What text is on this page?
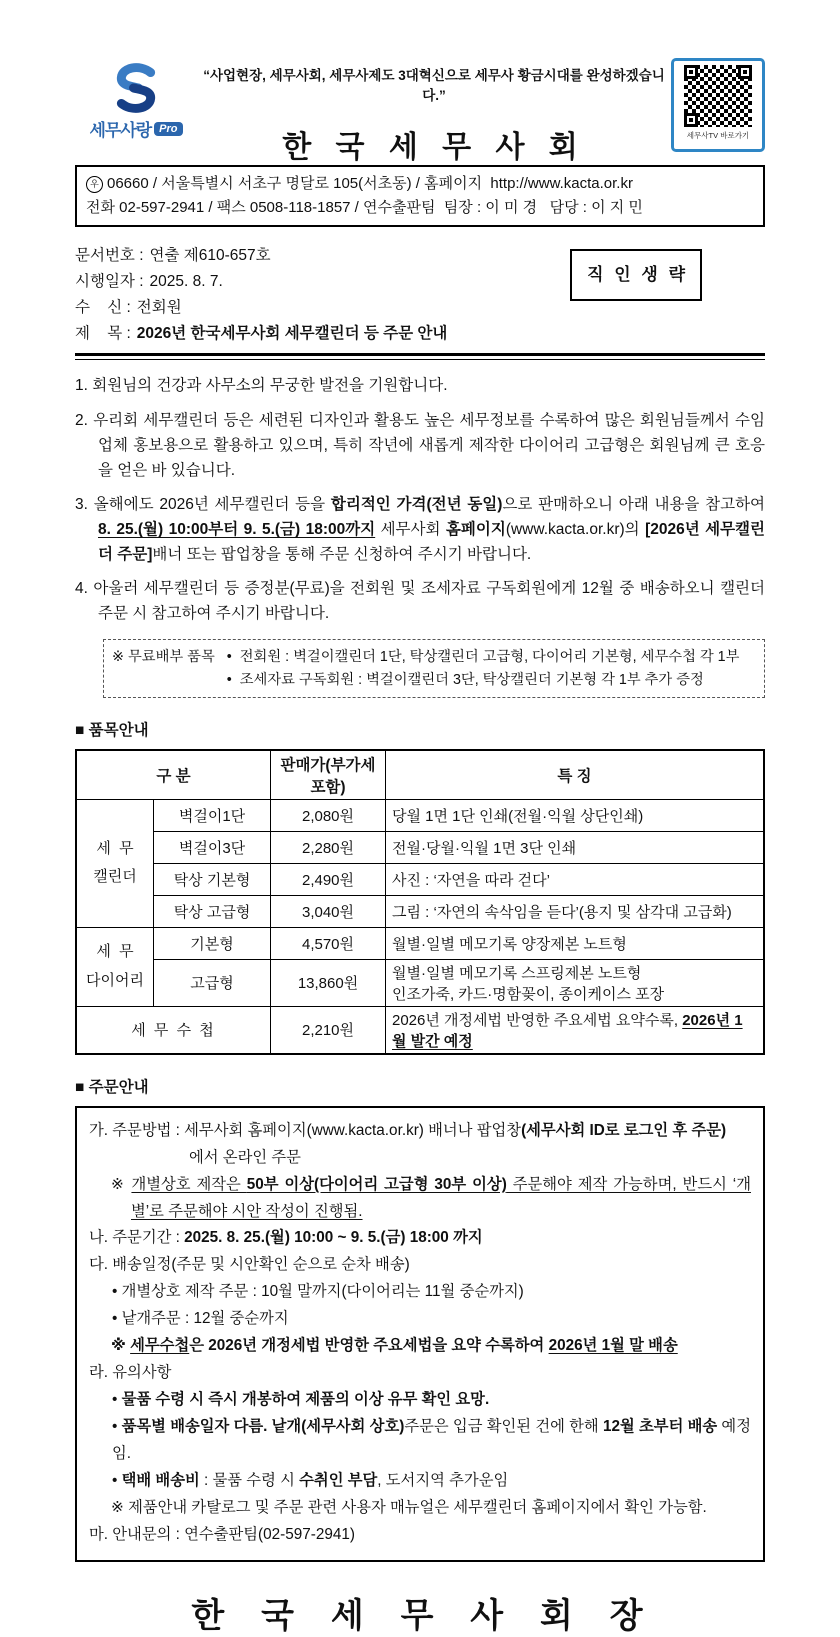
세무사랑 Pro
“사업현장, 세무사회, 세무사제도 3대혁신으로 세무사 황금시대를 완성하겠습니다.”
한 국 세 무 사 회	세무사TV 바로가기
우 06660 / 서울특별시 서초구 명달로 105(서초동) / 홈페이지  http://www.kacta.or.kr
전화 02-597-2941 / 팩스 0508-118-1857 / 연수출판팀  팀장 : 이 미 경   담당 : 이 지 민
문서번호 : 연출 제610-657호
시행일자 : 2025. 8. 7.
수    신 : 전회원
제    목 : 2026년 한국세무사회 세무캘린더 등 주문 안내
직 인 생 략
1. 회원님의 건강과 사무소의 무궁한 발전을 기원합니다.
2. 우리회 세무캘린더 등은 세련된 디자인과 활용도 높은 세무정보를 수록하여 많은 회원님들께서 수임업체 홍보용으로 활용하고 있으며, 특히 작년에 새롭게 제작한 다이어리 고급형은 회원님께 큰 호응을 얻은 바 있습니다.
3. 올해에도 2026년 세무캘린더 등을 합리적인 가격(전년 동일)으로 판매하오니 아래 내용을 참고하여 8. 25.(월) 10:00부터 9. 5.(금) 18:00까지 세무사회 홈페이지(www.kacta.or.kr)의 [2026년 세무캘린더 주문]배너 또는 팝업창을 통해 주문 신청하여 주시기 바랍니다.
4. 아울러 세무캘린더 등 증정분(무료)을 전회원 및 조세자료 구독회원에게 12월 중 배송하오니 캘린더 주문 시 참고하여 주시기 바랍니다.
※ 무료배부 품목 •  전회원 : 벽걸이캘린더 1단, 탁상캘린더 고급형, 다이어리 기본형, 세무수첩 각 1부
•  조세자료 구독회원 : 벽걸이캘린더 3단, 탁상캘린더 기본형 각 1부 추가 증정
■ 품목안내
구 분		판매가(부가세포함)	특 징

세  무
캘린더	벽걸이1단	2,080원	당월 1면 1단 인쇄(전월·익월 상단인쇄)
	벽걸이3단	2,280원	전월·당월·익월 1면 3단 인쇄
	탁상 기본형	2,490원	사진 : ‘자연을 따라 걷다’
	탁상 고급형	3,040원	그림 : ‘자연의 속삭임을 듣다’(용지 및 삼각대 고급화)

세  무
다이어리	기본형	4,570원	월별·일별 메모기록 양장제본 노트형
	고급형	13,860원	월별·일별 메모기록 스프링제본 노트형
인조가죽, 카드·명함꽂이, 종이케이스 포장

세 무 수 첩		2,210원	2026년 개정세법 반영한 주요세법 요약수록, 2026년 1월 발간 예정
■ 주문안내
가. 주문방법 : 세무사회 홈페이지(www.kacta.or.kr) 배너나 팝업창(세무사회 ID로 로그인 후 주문)
에서 온라인 주문
※ 개별상호 제작은 50부 이상(다이어리 고급형 30부 이상) 주문해야 제작 가능하며, 반드시 ‘개별’로 주문해야 시안 작성이 진행됨.
나. 주문기간 : 2025. 8. 25.(월) 10:00 ~ 9. 5.(금) 18:00 까지
다. 배송일정(주문 및 시안확인 순으로 순차 배송)
• 개별상호 제작 주문 : 10월 말까지(다이어리는 11월 중순까지)
• 낱개주문 : 12월 중순까지
※ 세무수첩은 2026년 개정세법 반영한 주요세법을 요약 수록하여 2026년 1월 말 배송
라. 유의사항
• 물품 수령 시 즉시 개봉하여 제품의 이상 유무 확인 요망.
• 품목별 배송일자 다름. 낱개(세무사회 상호)주문은 입금 확인된 건에 한해 12월 초부터 배송 예정임.
• 택배 배송비 : 물품 수령 시 수취인 부담, 도서지역 추가운임
※ 제품안내 카탈로그 및 주문 관련 사용자 매뉴얼은 세무캘린더 홈페이지에서 확인 가능함.
마. 안내문의 : 연수출판팀(02-597-2941)
한  국  세  무  사  회  장
